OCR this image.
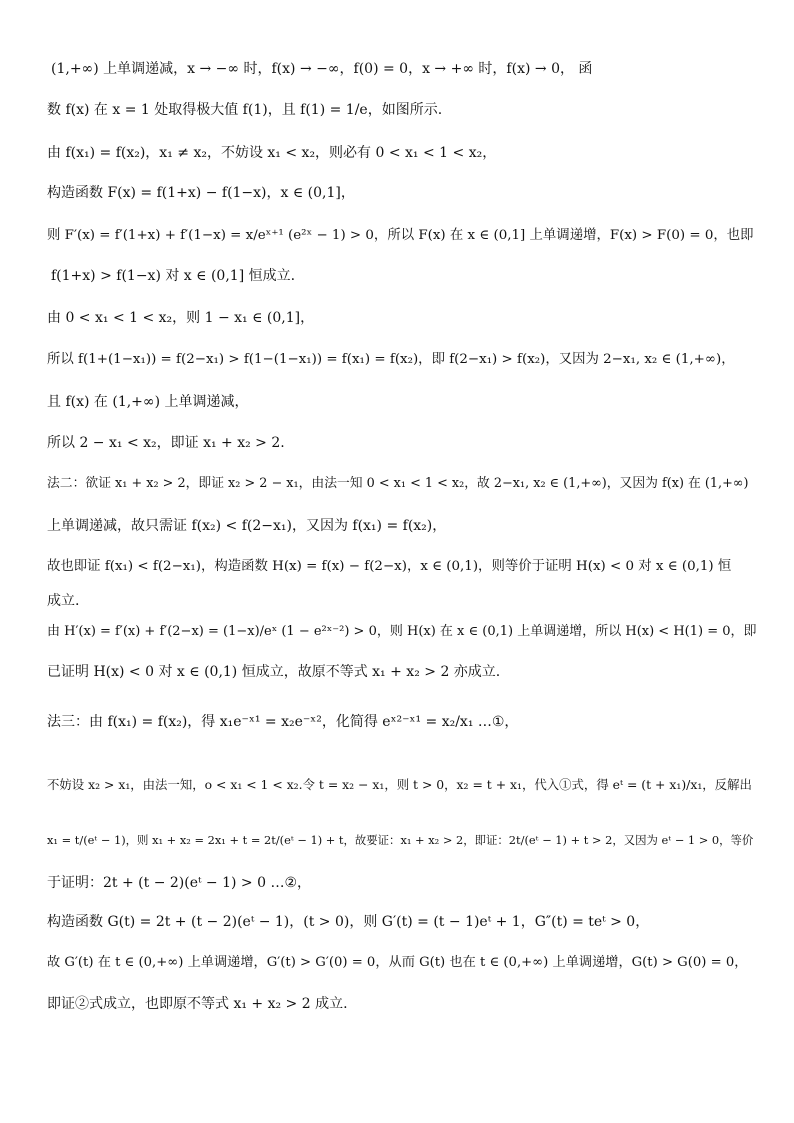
(1,+∞) 上单调递减，x → −∞ 时，f(x) → −∞，f(0) = 0，x → +∞ 时，f(x) → 0， 函
数 f(x) 在 x = 1 处取得极大值 f(1)，且 f(1) = 1/e，如图所示.
由 f(x₁) = f(x₂)，x₁ ≠ x₂，不妨设 x₁ < x₂，则必有 0 < x₁ < 1 < x₂，
构造函数 F(x) = f(1+x) − f(1−x)，x ∈ (0,1]，
则 F′(x) = f′(1+x) + f′(1−x) = x/eˣ⁺¹ (e²ˣ − 1) > 0，所以 F(x) 在 x ∈ (0,1] 上单调递增，F(x) > F(0) = 0，也即
f(1+x) > f(1−x) 对 x ∈ (0,1] 恒成立.
由 0 < x₁ < 1 < x₂，则 1 − x₁ ∈ (0,1]，
所以 f(1+(1−x₁)) = f(2−x₁) > f(1−(1−x₁)) = f(x₁) = f(x₂)，即 f(2−x₁) > f(x₂)，又因为 2−x₁, x₂ ∈ (1,+∞)，
且 f(x) 在 (1,+∞) 上单调递减，
所以 2 − x₁ < x₂，即证 x₁ + x₂ > 2.
法二：欲证 x₁ + x₂ > 2，即证 x₂ > 2 − x₁，由法一知 0 < x₁ < 1 < x₂，故 2−x₁, x₂ ∈ (1,+∞)，又因为 f(x) 在 (1,+∞)
上单调递减，故只需证 f(x₂) < f(2−x₁)，又因为 f(x₁) = f(x₂)，
故也即证 f(x₁) < f(2−x₁)，构造函数 H(x) = f(x) − f(2−x)，x ∈ (0,1)，则等价于证明 H(x) < 0 对 x ∈ (0,1) 恒
成立.
由 H′(x) = f′(x) + f′(2−x) = (1−x)/eˣ (1 − e²ˣ⁻²) > 0，则 H(x) 在 x ∈ (0,1) 上单调递增，所以 H(x) < H(1) = 0，即
已证明 H(x) < 0 对 x ∈ (0,1) 恒成立，故原不等式 x₁ + x₂ > 2 亦成立.
法三：由 f(x₁) = f(x₂)，得 x₁e⁻ˣ¹ = x₂e⁻ˣ²，化简得 eˣ²⁻ˣ¹ = x₂/x₁ …①，
不妨设 x₂ > x₁，由法一知，o < x₁ < 1 < x₂.令 t = x₂ − x₁，则 t > 0，x₂ = t + x₁，代入①式，得 eᵗ = (t + x₁)/x₁，反解出
x₁ = t/(eᵗ − 1)，则 x₁ + x₂ = 2x₁ + t = 2t/(eᵗ − 1) + t，故要证：x₁ + x₂ > 2，即证：2t/(eᵗ − 1) + t > 2，又因为 eᵗ − 1 > 0，等价
于证明：2t + (t − 2)(eᵗ − 1) > 0 …②，
构造函数 G(t) = 2t + (t − 2)(eᵗ − 1)，(t > 0)，则 G′(t) = (t − 1)eᵗ + 1，G″(t) = teᵗ > 0，
故 G′(t) 在 t ∈ (0,+∞) 上单调递增，G′(t) > G′(0) = 0，从而 G(t) 也在 t ∈ (0,+∞) 上单调递增，G(t) > G(0) = 0，
即证②式成立，也即原不等式 x₁ + x₂ > 2 成立.
